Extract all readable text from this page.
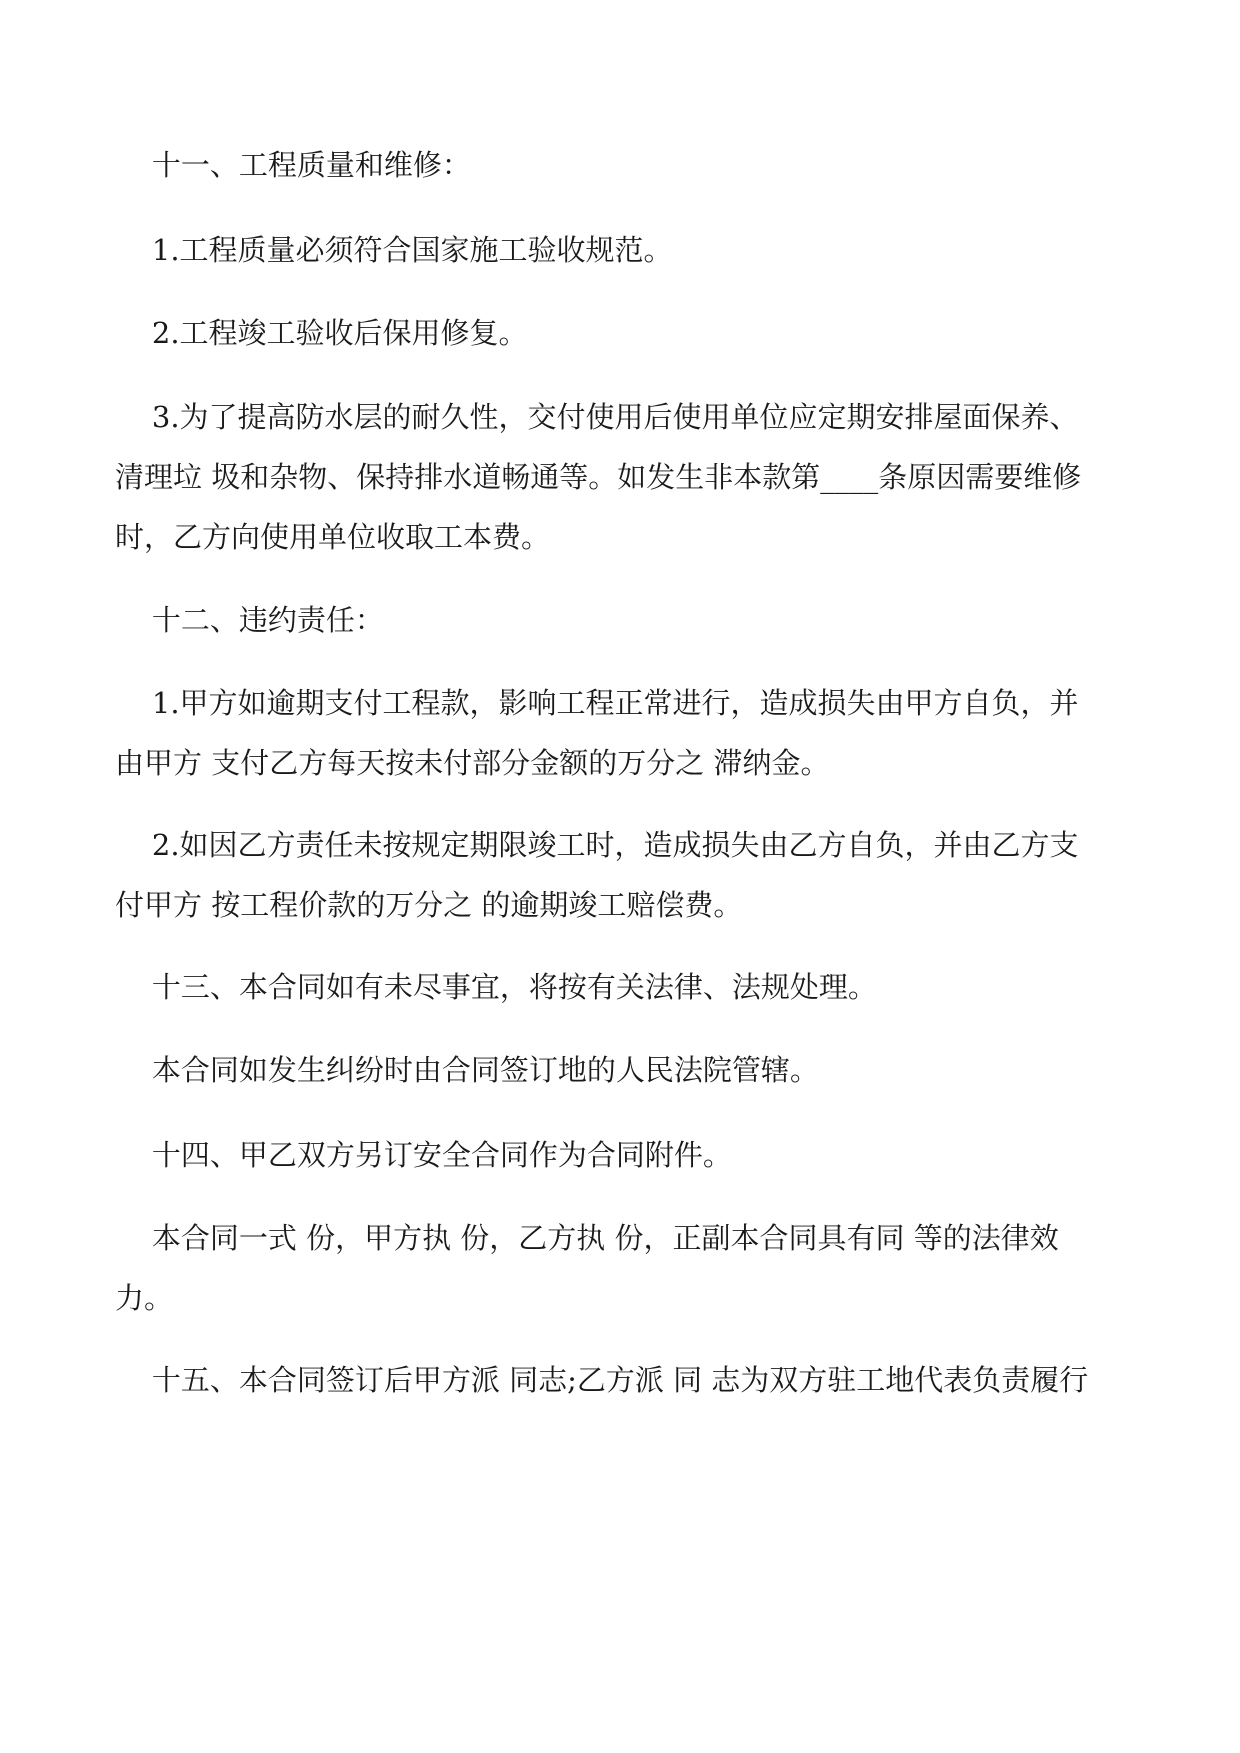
十一、工程质量和维修：
1.工程质量必须符合国家施工验收规范。
2.工程竣工验收后保用修复。
3.为了提高防水层的耐久性，交付使用后使用单位应定期安排屋面保养、
清理垃 圾和杂物、保持排水道畅通等。如发生非本款第____条原因需要维修
时，乙方向使用单位收取工本费。
十二、违约责任：
1.甲方如逾期支付工程款，影响工程正常进行，造成损失由甲方自负，并
由甲方 支付乙方每天按未付部分金额的万分之 滞纳金。
2.如因乙方责任未按规定期限竣工时，造成损失由乙方自负，并由乙方支
付甲方 按工程价款的万分之 的逾期竣工赔偿费。
十三、本合同如有未尽事宜，将按有关法律、法规处理。
本合同如发生纠纷时由合同签订地的人民法院管辖。
十四、甲乙双方另订安全合同作为合同附件。
本合同一式 份，甲方执 份，乙方执 份，正副本合同具有同 等的法律效
力。
十五、本合同签订后甲方派 同志;乙方派 同 志为双方驻工地代表负责履行
